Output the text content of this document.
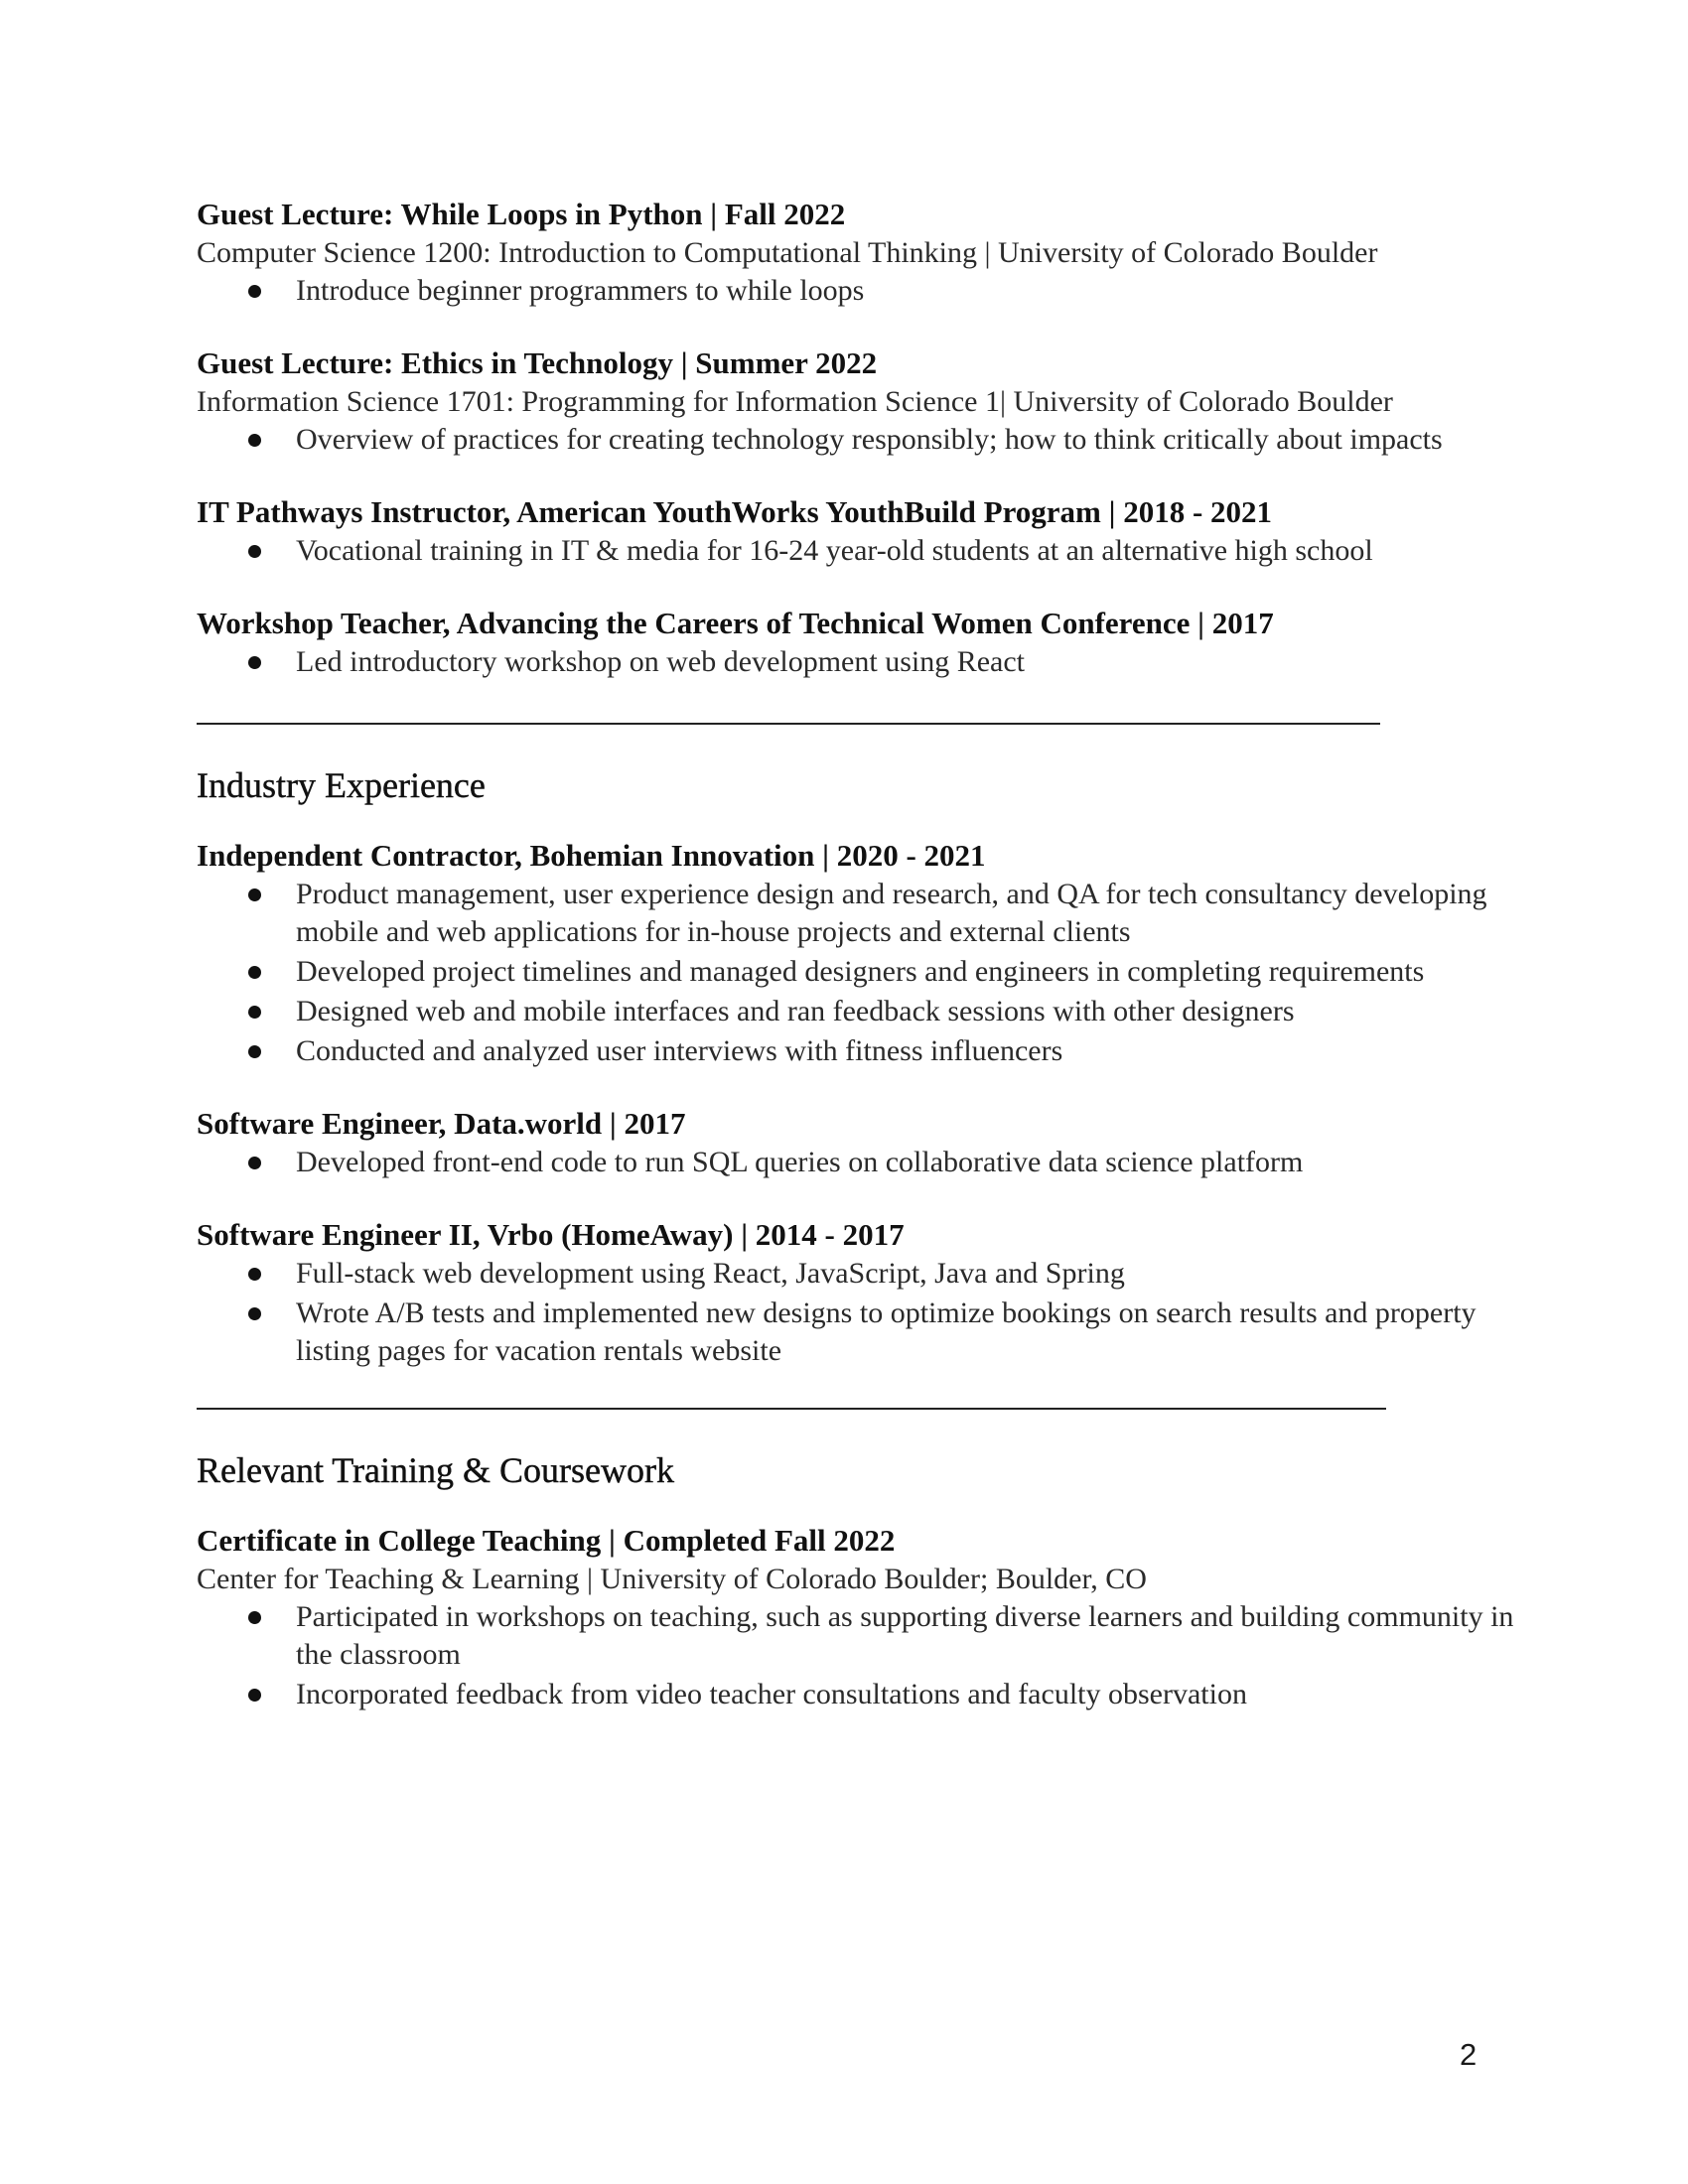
Guest Lecture: While Loops in Python | Fall 2022
Computer Science 1200: Introduction to Computational Thinking | University of Colorado Boulder
Introduce beginner programmers to while loops
Guest Lecture: Ethics in Technology | Summer 2022
Information Science 1701: Programming for Information Science 1| University of Colorado Boulder
Overview of practices for creating technology responsibly; how to think critically about impacts
IT Pathways Instructor, American YouthWorks YouthBuild Program | 2018 - 2021
Vocational training in IT & media for 16-24 year-old students at an alternative high school
Workshop Teacher, Advancing the Careers of Technical Women Conference | 2017
Led introductory workshop on web development using React
Industry Experience
Independent Contractor, Bohemian Innovation | 2020 - 2021
Product management, user experience design and research, and QA for tech consultancy developing mobile and web applications for in-house projects and external clients
Developed project timelines and managed designers and engineers in completing requirements
Designed web and mobile interfaces and ran feedback sessions with other designers
Conducted and analyzed user interviews with fitness influencers
Software Engineer, Data.world | 2017
Developed front-end code to run SQL queries on collaborative data science platform
Software Engineer II, Vrbo (HomeAway) | 2014 - 2017
Full-stack web development using React, JavaScript, Java and Spring
Wrote A/B tests and implemented new designs to optimize bookings on search results and property listing pages for vacation rentals website
Relevant Training & Coursework
Certificate in College Teaching | Completed Fall 2022
Center for Teaching & Learning | University of Colorado Boulder; Boulder, CO
Participated in workshops on teaching, such as supporting diverse learners and building community in the classroom
Incorporated feedback from video teacher consultations and faculty observation
2
